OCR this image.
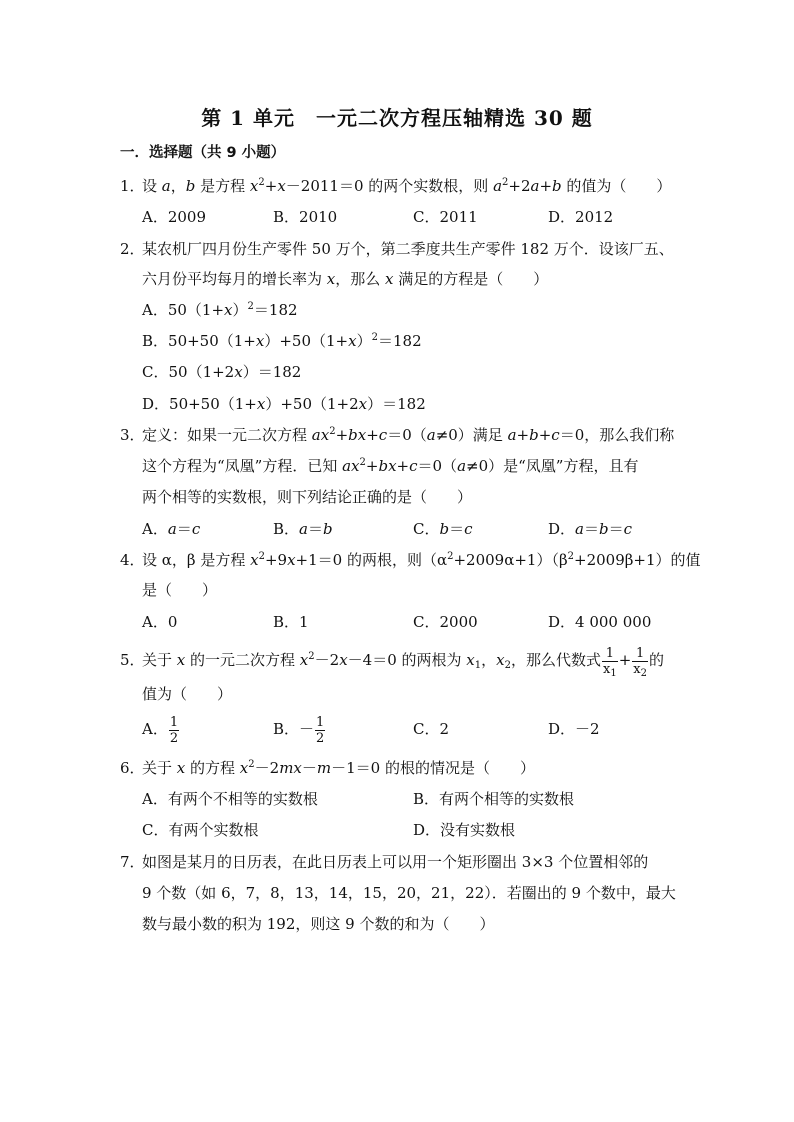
第 1 单元　一元二次方程压轴精选 30 题
一．选择题（共 9 小题）
1．设 a，b 是方程 $x^2+x-2011=0$ 的两个实数根，则 $a^2+2a+b$ 的值为（　　）
A．2009	B．2010	C．2011	D．2012
2．某农机厂四月份生产零件 50 万个，第二季度共生产零件 182 万个．设该厂五、
六月份平均每月的增长率为 x，那么 x 满足的方程是（　　）
A．$50(1+x)^2=182$
B．$50+50(1+x)+50(1+x)^2=182$
C．50（1+2x）＝182
D．50+50（1+x）+50（1+2x）＝182
3．定义：如果一元二次方程 $ax^2+bx+c=0(a\ne 0)$满足 a+b+c＝0，那么我们称
这个方程为“凤凰”方程．已知 $ax^2+bx+c=0(a\ne 0)$是“凤凰”方程，且有
两个相等的实数根，则下列结论正确的是（　　）
A．a＝c	B．a＝b	C．b＝c	D．a＝b＝c
4．设 α，β 是方程 $x^2+9x+1=0$ 的两根，则$(\alpha^2+2009\alpha+1)(\beta^2+2009\beta+1)$的值
是（　　）
A．0	B．1	C．2000	D．4 000 000
5．关于 x 的一元二次方程 $x^2-2x-4=0$ 的两根为 $x_1$，$x_2$，那么代数式 $\frac{1}{x_1} + \frac{1}{x_2}$ 的
值为（　　）
A． $\frac{1}{2}$	B．－ $\frac{1}{2}$	C．2	D．－2
6．关于 x 的方程 $x^2-2mx-m-1=0$ 的根的情况是（　　）
A．有两个不相等的实数根	B．有两个相等的实数根
C．有两个实数根	D．没有实数根
7．如图是某月的日历表，在此日历表上可以用一个矩形圈出 3×3 个位置相邻的
9 个数（如 6，7，8，13，14，15，20，21，22）．若圈出的 9 个数中，最大
数与最小数的积为 192，则这 9 个数的和为（　　）
